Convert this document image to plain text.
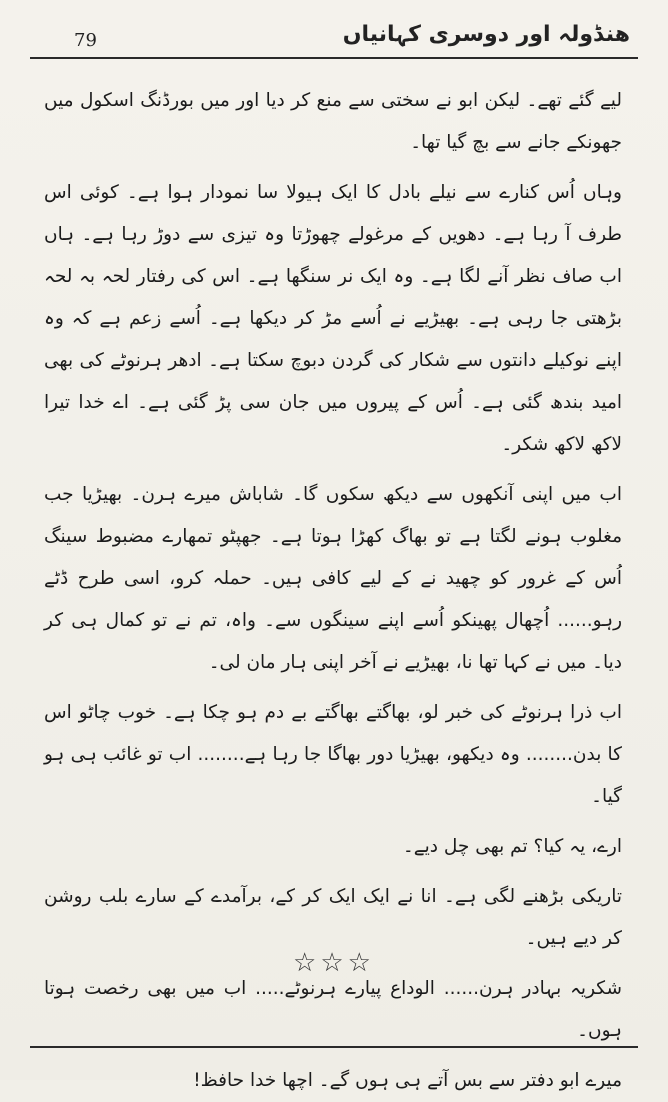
79	ھنڈولہ اور دوسری کہانیاں

لیے گئے تھے۔ لیکن ابو نے سختی سے منع کر دیا اور میں بورڈنگ اسکول میں جھونکے جانے سے بچ گیا تھا۔

وہاں اُس کنارے سے نیلے بادل کا ایک ہیولا سا نمودار ہوا ہے۔ کوئی اس طرف آ رہا ہے۔ دھویں کے مرغولے چھوڑتا وہ تیزی سے دوڑ رہا ہے۔ ہاں اب صاف نظر آنے لگا ہے۔ وہ ایک نر سنگھا ہے۔ اس کی رفتار لحہ بہ لحہ بڑھتی جا رہی ہے۔ بھیڑیے نے اُسے مڑ کر دیکھا ہے۔ اُسے زعم ہے کہ وہ اپنے نوکیلے دانتوں سے شکار کی گردن دبوچ سکتا ہے۔ ادھر ہرنوٹے کی بھی امید بندھ گئی ہے۔ اُس کے پیروں میں جان سی پڑ گئی ہے۔ اے خدا تیرا لاکھ لاکھ شکر۔

اب میں اپنی آنکھوں سے دیکھ سکوں گا۔ شاباش میرے ہرن۔ بھیڑیا جب مغلوب ہونے لگتا ہے تو بھاگ کھڑا ہوتا ہے۔ جھپٹو تمھارے مضبوط سینگ اُس کے غرور کو چھید نے کے لیے کافی ہیں۔ حملہ کرو، اسی طرح ڈٹے رہو...... اُچھال پھینکو اُسے اپنے سینگوں سے۔ واہ، تم نے تو کمال ہی کر دیا۔ میں نے کہا تھا نا، بھیڑیے نے آخر اپنی ہار مان لی۔

اب ذرا ہرنوٹے کی خبر لو، بھاگتے بھاگتے بے دم ہو چکا ہے۔ خوب چاٹو اس کا بدن........ وہ دیکھو، بھیڑیا دور بھاگا جا رہا ہے........ اب تو غائب ہی ہو گیا۔

ارے، یہ کیا؟ تم بھی چل دیے۔

تاریکی بڑھنے لگی ہے۔ انا نے ایک ایک کر کے، برآمدے کے سارے بلب روشن کر دیے ہیں۔

شکریہ بہادر ہرن...... الوداع پیارے ہرنوٹے..... اب میں بھی رخصت ہوتا ہوں۔

میرے ابو دفتر سے بس آتے ہی ہوں گے۔ اچھا خدا حافظ!

☆☆☆
